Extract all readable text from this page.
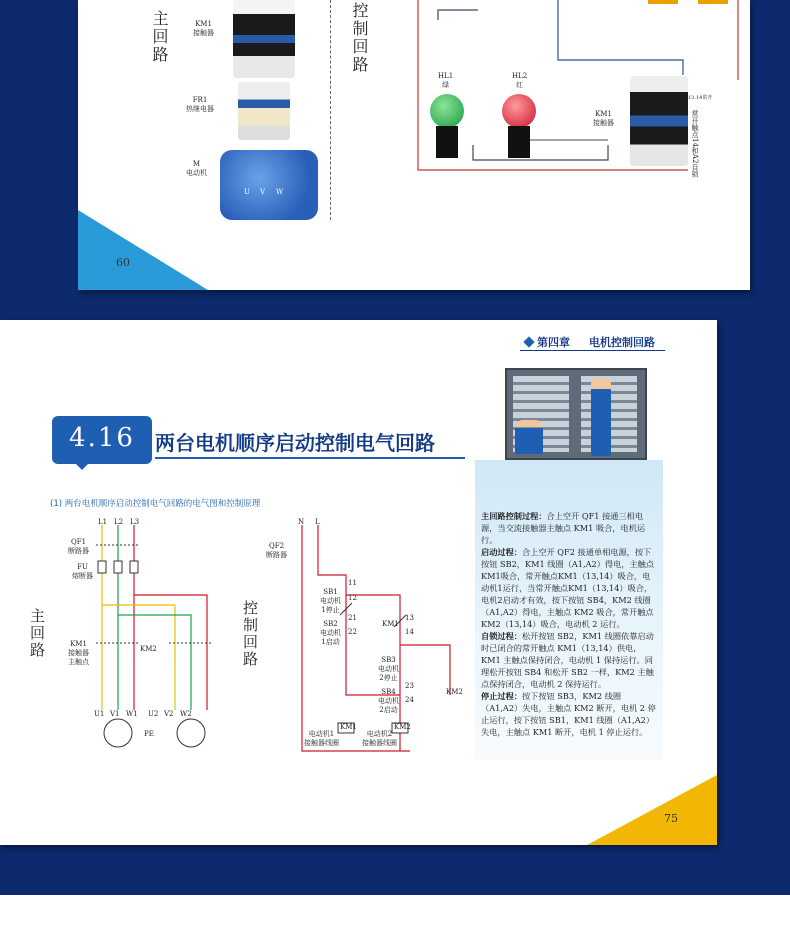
60
主回路	控制回路
KM1
接触器
FR1
热继电器
M
电动机
U V W
HL1
绿
HL2
红
KM1
接触器
13.14常开
常开触点14和A2自锁
75
第四章 电机控制回路
4.16	两台电机顺序启动控制电气回路
(1) 两台电机顺序启动控制电气回路的电气图和控制原理

主回路控制过程：合上空开 QF1 接通三相电源，当交流接触器主触点 KM1 吸合，电机运行。

启动过程：合上空开 QF2 接通单相电源，按下按钮 SB2，KM1 线圈（A1,A2）得电，主触点KM1吸合，常开触点KM1（13,14）吸合，电动机1运行，当常开触点KM1（13,14）吸合，电机2启动才有效，按下按钮 SB4，KM2 线圈（A1,A2）得电，主触点 KM2 吸合，常开触点 KM2（13,14）吸合，电动机 2 运行。

自锁过程：松开按钮 SB2，KM1 线圈依靠启动时已闭合的常开触点 KM1（13,14）供电，KM1 主触点保持闭合，电动机 1 保持运行。同理松开按钮 SB4 和松开 SB2 一样，KM2 主触点保持闭合，电动机 2 保持运行。

停止过程：按下按钮 SB3，KM2 线圈（A1,A2）失电，主触点 KM2 断开，电机 2 停止运行，按下按钮 SB1，KM1 线圈（A1,A2）失电，主触点 KM1 断开，电机 1 停止运行。

主回路	控制回路
L1 L2 L3
QF1
断路器
FU
熔断器
KM1
接触器
主触点
KM2
U1 V1 W1 U2 V2 W2
PE
N L
QF2
断路器
SB1
电动机
1停止
SB2
电动机
1启动
KM1
SB3
电动机
2停止
SB4
电动机
2启动
KM2
电动机1
接触器线圈
电动机2
接触器线圈
KM1	KM2
11
12
13
14
21
22
23
24
